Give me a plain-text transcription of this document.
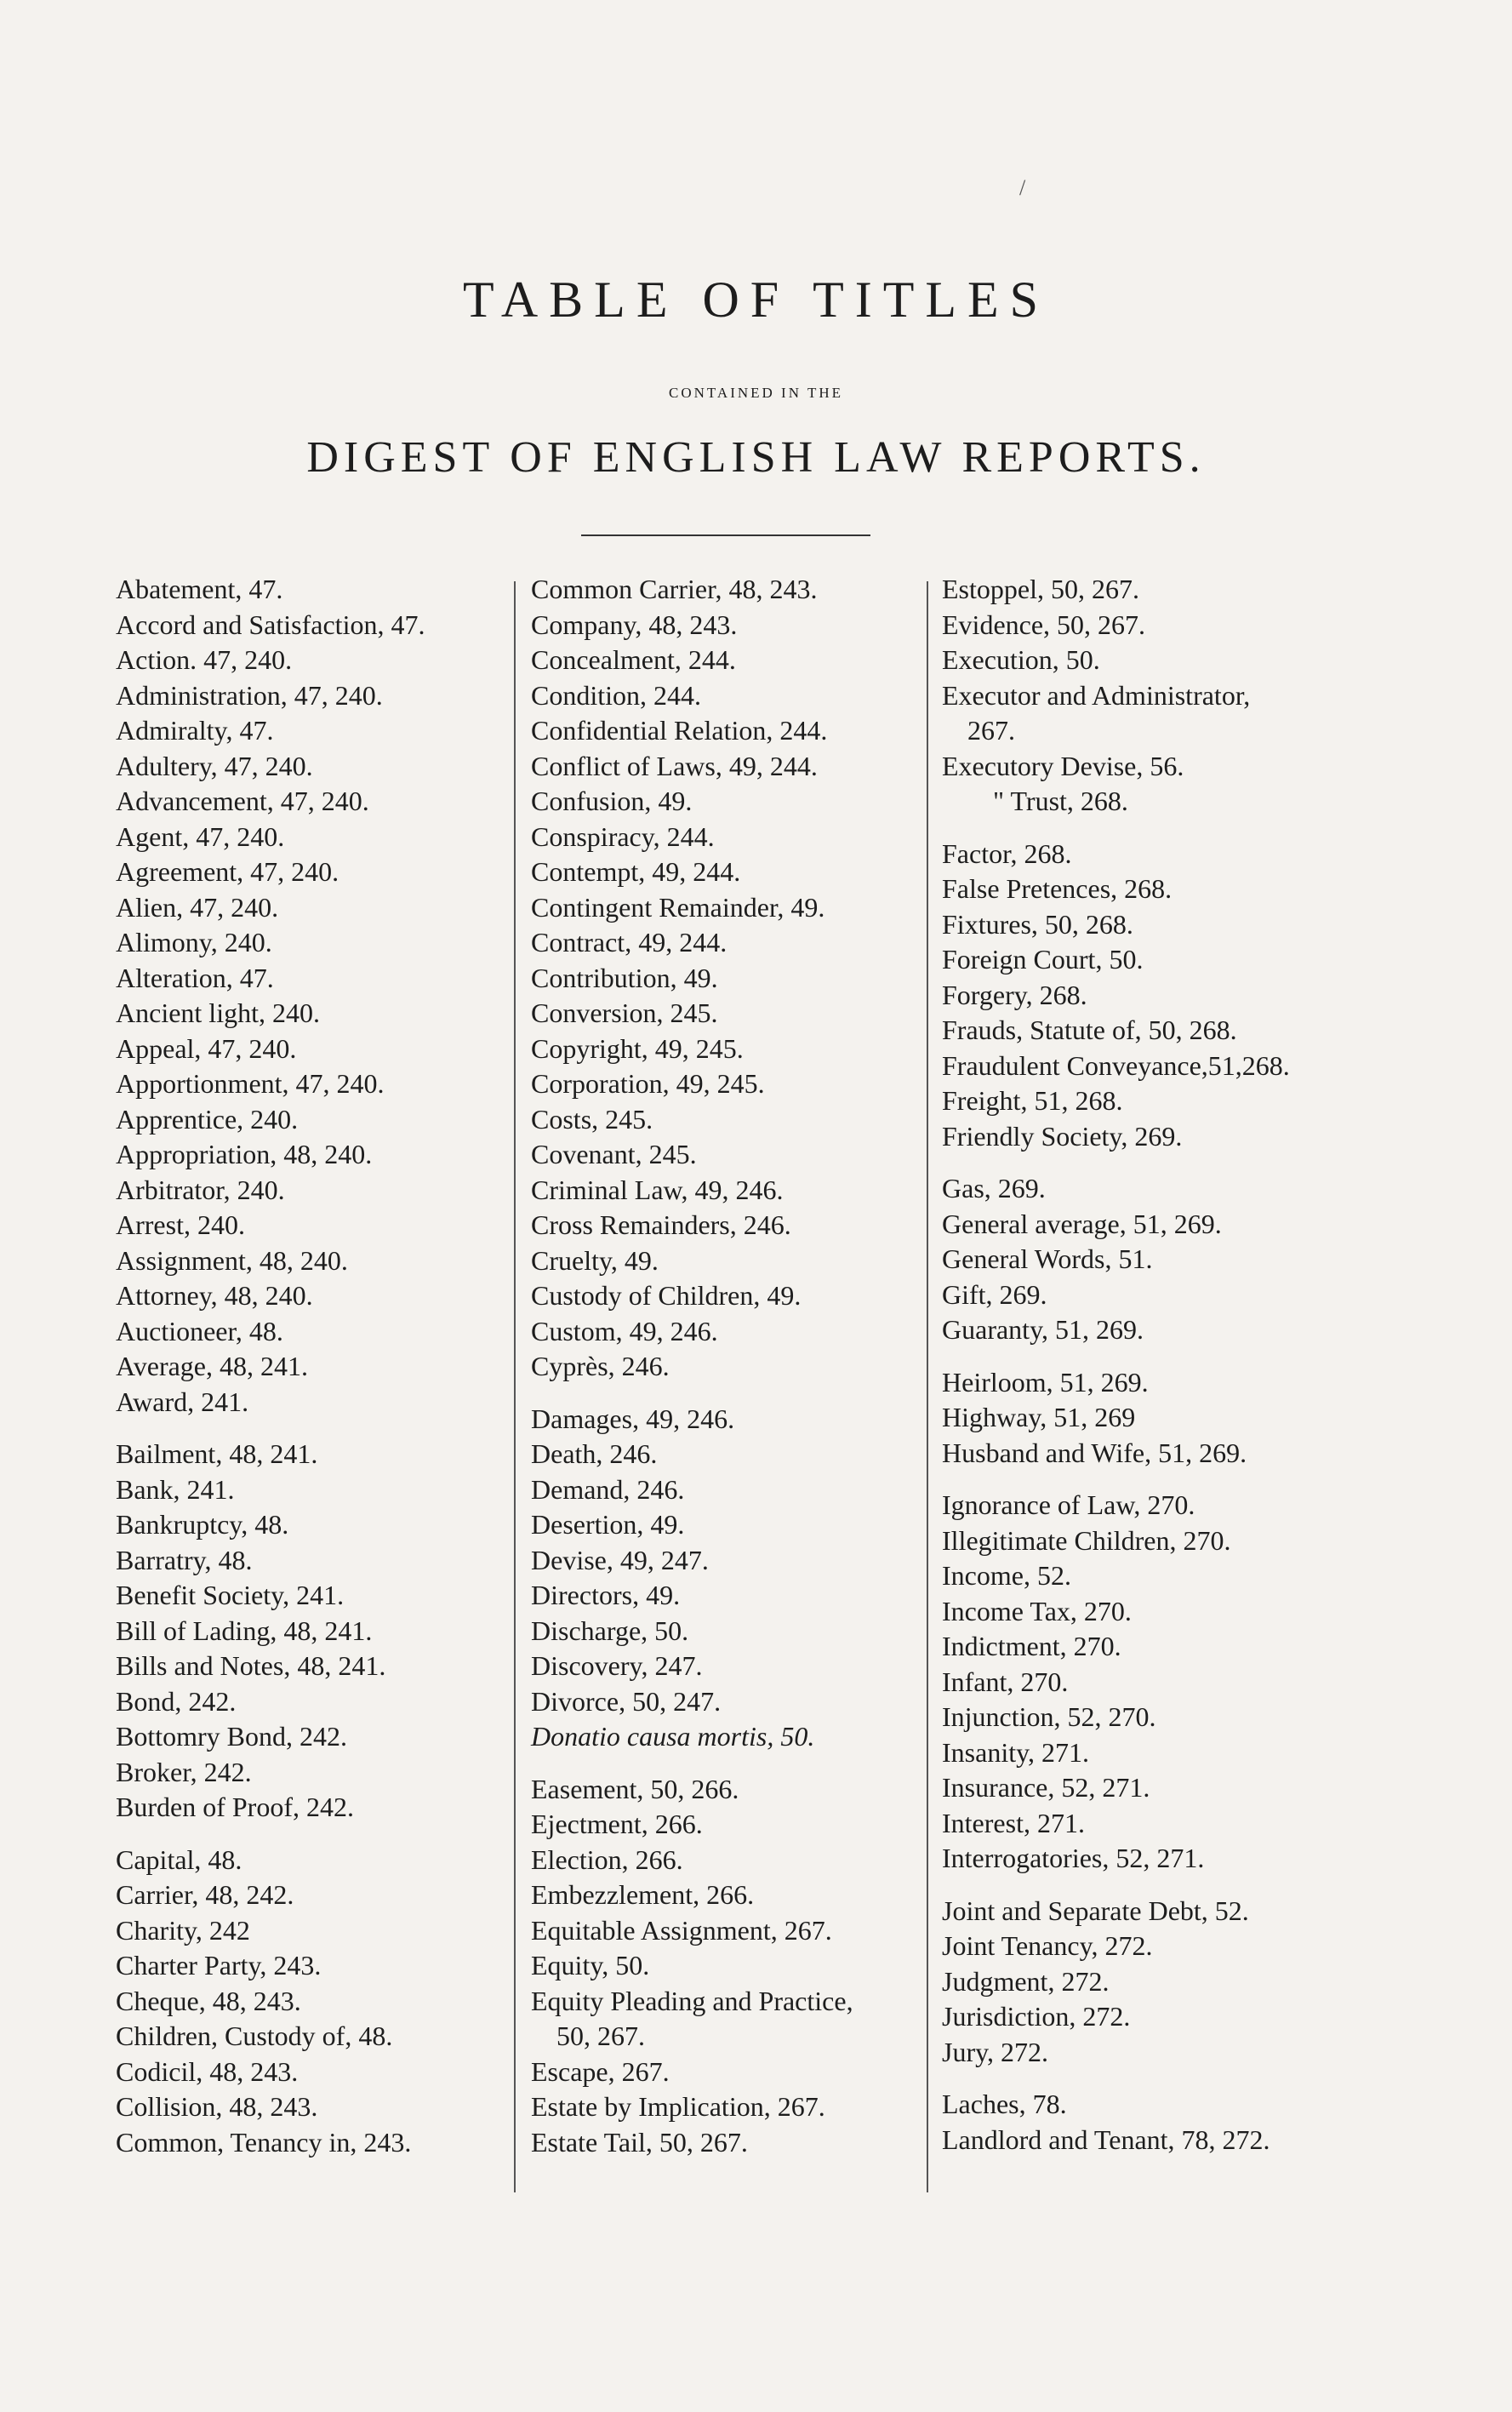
/
TABLE OF TITLES
CONTAINED IN THE
DIGEST OF ENGLISH LAW REPORTS.
Abatement, 47.
Accord and Satisfaction, 47.
Action. 47, 240.
Administration, 47, 240.
Admiralty, 47.
Adultery, 47, 240.
Advancement, 47, 240.
Agent, 47, 240.
Agreement, 47, 240.
Alien, 47, 240.
Alimony, 240.
Alteration, 47.
Ancient light, 240.
Appeal, 47, 240.
Apportionment, 47, 240.
Apprentice, 240.
Appropriation, 48, 240.
Arbitrator, 240.
Arrest, 240.
Assignment, 48, 240.
Attorney, 48, 240.
Auctioneer, 48.
Average, 48, 241.
Award, 241.
Bailment, 48, 241.
Bank, 241.
Bankruptcy, 48.
Barratry, 48.
Benefit Society, 241.
Bill of Lading, 48, 241.
Bills and Notes, 48, 241.
Bond, 242.
Bottomry Bond, 242.
Broker, 242.
Burden of Proof, 242.
Capital, 48.
Carrier, 48, 242.
Charity, 242
Charter Party, 243.
Cheque, 48, 243.
Children, Custody of, 48.
Codicil, 48, 243.
Collision, 48, 243.
Common, Tenancy in, 243.
Common Carrier, 48, 243.
Company, 48, 243.
Concealment, 244.
Condition, 244.
Confidential Relation, 244.
Conflict of Laws, 49, 244.
Confusion, 49.
Conspiracy, 244.
Contempt, 49, 244.
Contingent Remainder, 49.
Contract, 49, 244.
Contribution, 49.
Conversion, 245.
Copyright, 49, 245.
Corporation, 49, 245.
Costs, 245.
Covenant, 245.
Criminal Law, 49, 246.
Cross Remainders, 246.
Cruelty, 49.
Custody of Children, 49.
Custom, 49, 246.
Cyprès, 246.
Damages, 49, 246.
Death, 246.
Demand, 246.
Desertion, 49.
Devise, 49, 247.
Directors, 49.
Discharge, 50.
Discovery, 247.
Divorce, 50, 247.
Donatio causa mortis, 50.
Easement, 50, 266.
Ejectment, 266.
Election, 266.
Embezzlement, 266.
Equitable Assignment, 267.
Equity, 50.
Equity Pleading and Practice,
50, 267.
Escape, 267.
Estate by Implication, 267.
Estate Tail, 50, 267.
Estoppel, 50, 267.
Evidence, 50, 267.
Execution, 50.
Executor and Administrator,
267.
Executory Devise, 56.
" Trust, 268.
Factor, 268.
False Pretences, 268.
Fixtures, 50, 268.
Foreign Court, 50.
Forgery, 268.
Frauds, Statute of, 50, 268.
Fraudulent Conveyance,51,268.
Freight, 51, 268.
Friendly Society, 269.
Gas, 269.
General average, 51, 269.
General Words, 51.
Gift, 269.
Guaranty, 51, 269.
Heirloom, 51, 269.
Highway, 51, 269
Husband and Wife, 51, 269.
Ignorance of Law, 270.
Illegitimate Children, 270.
Income, 52.
Income Tax, 270.
Indictment, 270.
Infant, 270.
Injunction, 52, 270.
Insanity, 271.
Insurance, 52, 271.
Interest, 271.
Interrogatories, 52, 271.
Joint and Separate Debt, 52.
Joint Tenancy, 272.
Judgment, 272.
Jurisdiction, 272.
Jury, 272.
Laches, 78.
Landlord and Tenant, 78, 272.
